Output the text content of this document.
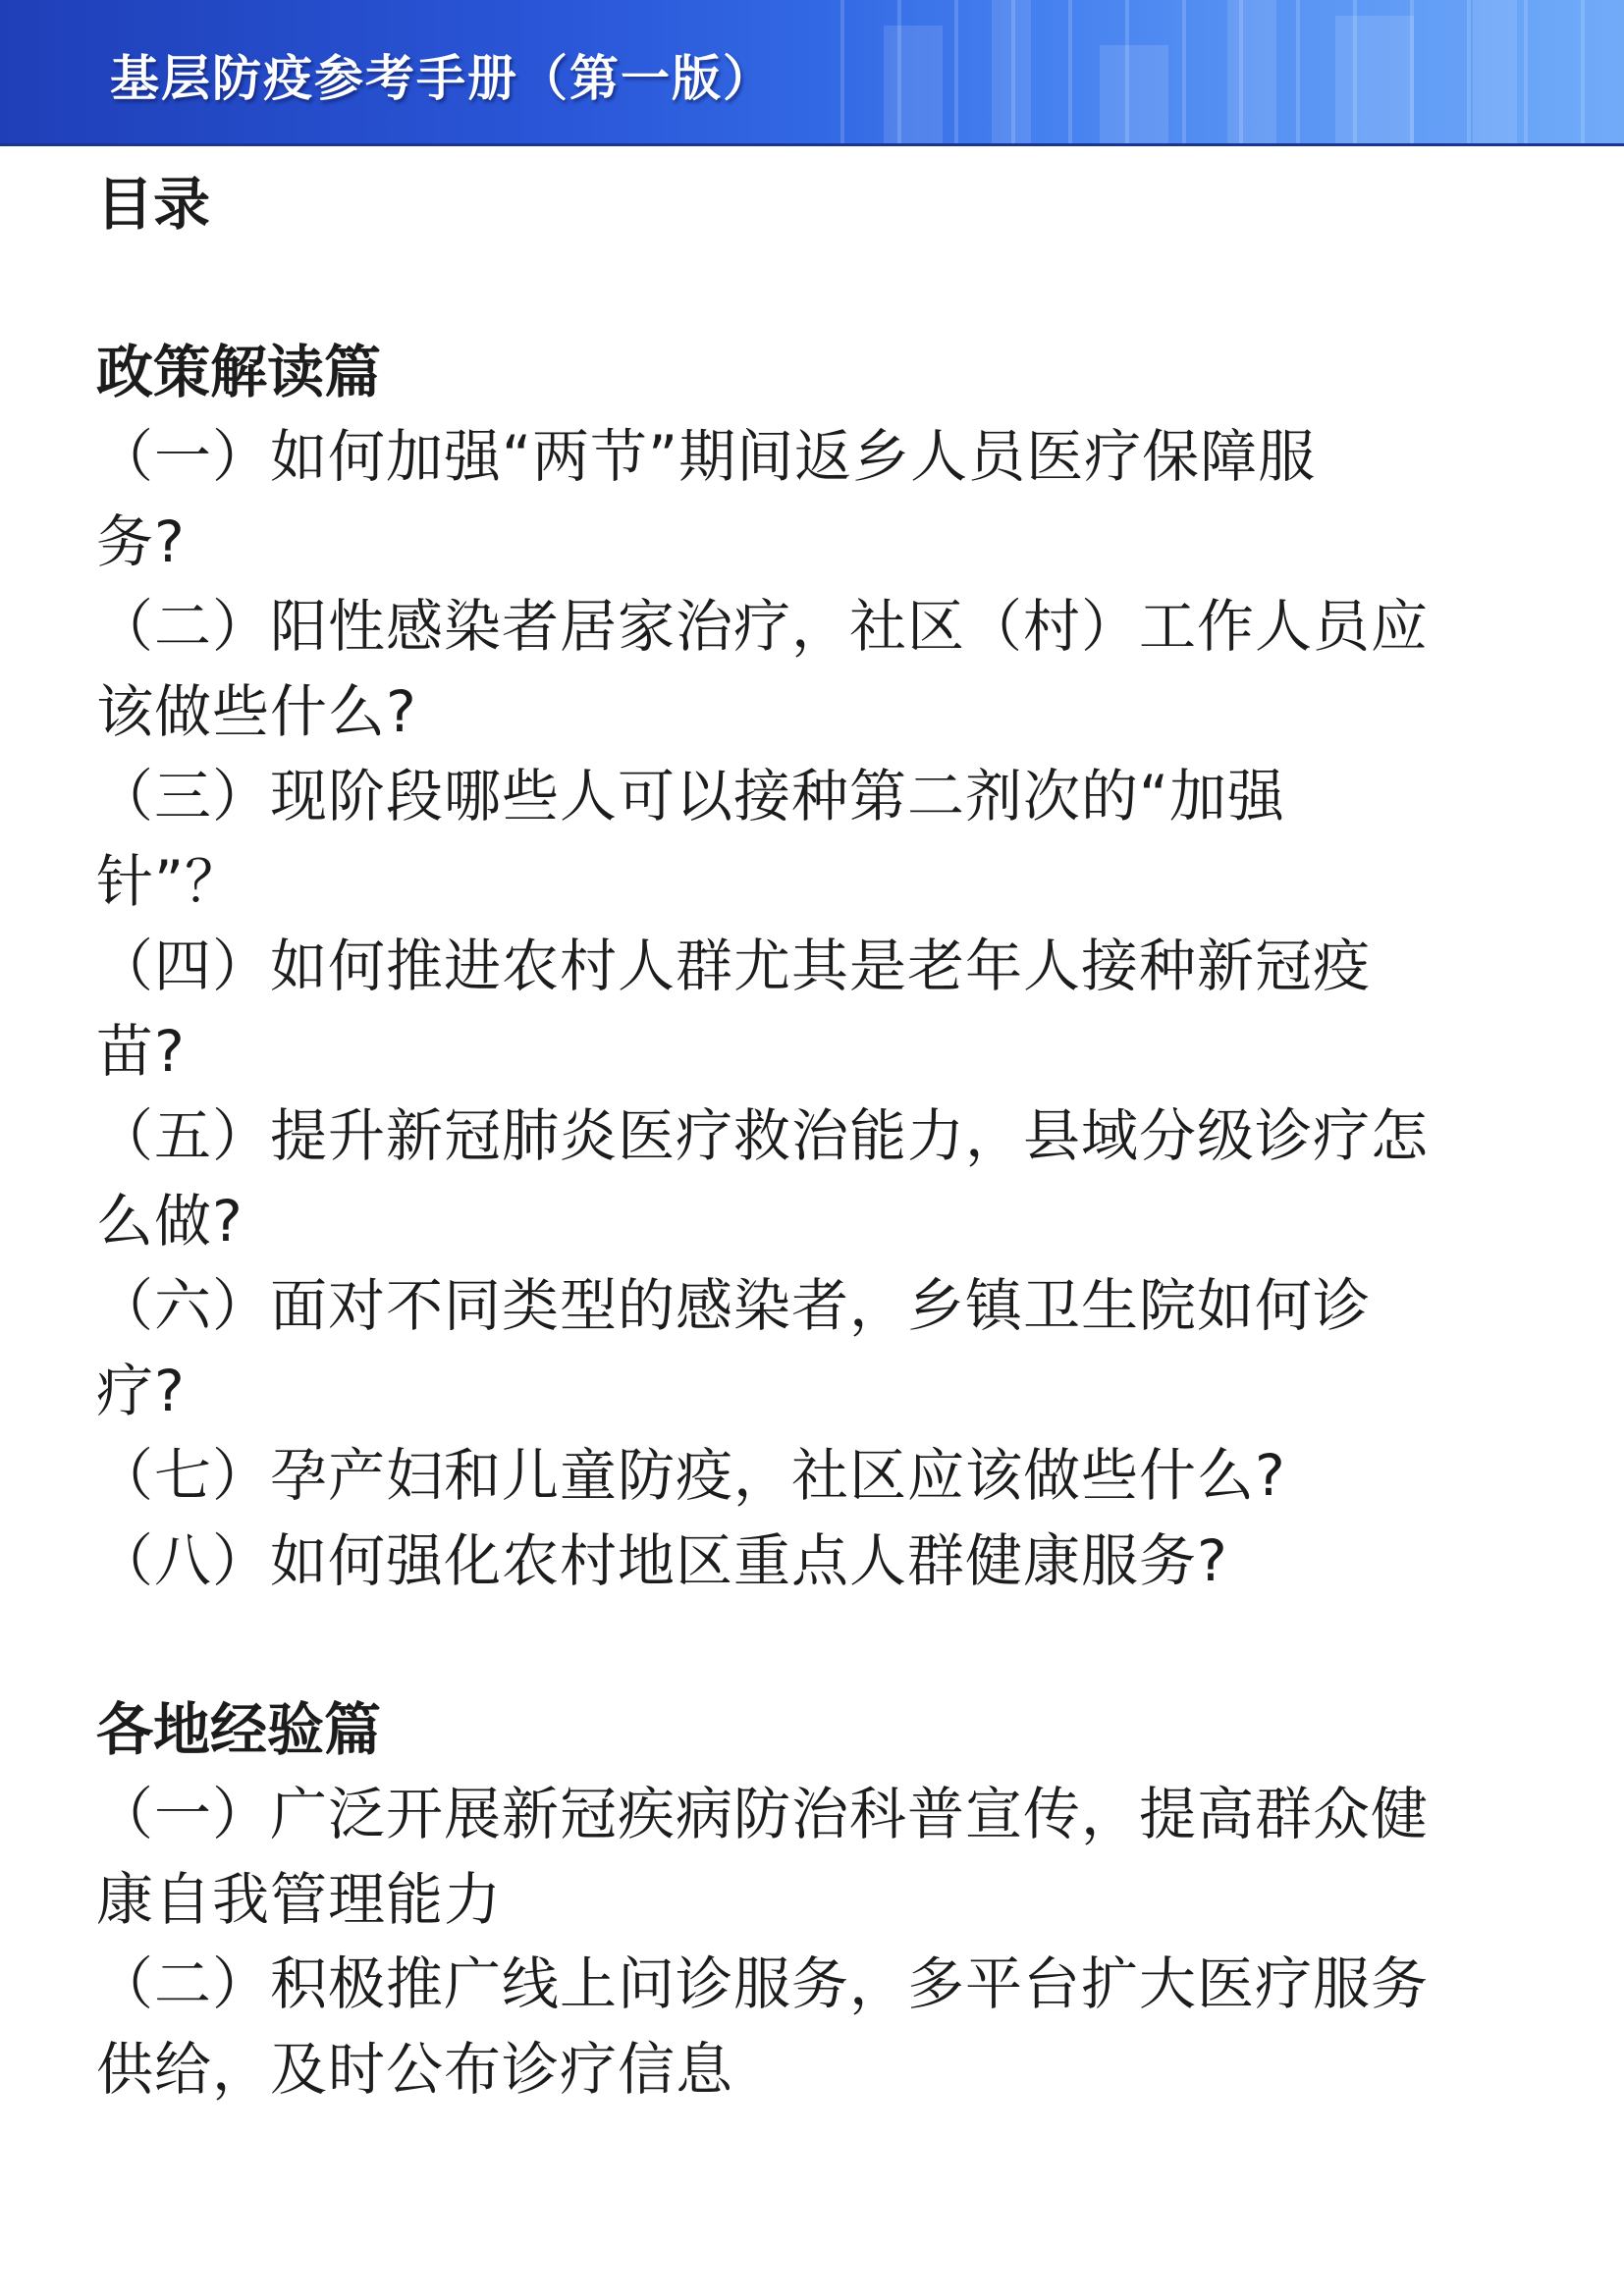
基层防疫参考手册（第一版）

目录

政策解读篇

（一）如何加强“两节”期间返乡人员医疗保障服
务?

（二）阳性感染者居家治疗，社区（村）工作人员应
该做些什么?

（三）现阶段哪些人可以接种第二剂次的“加强
针”？

（四）如何推进农村人群尤其是老年人接种新冠疫
苗?

（五）提升新冠肺炎医疗救治能力，县域分级诊疗怎
么做?

（六）面对不同类型的感染者，乡镇卫生院如何诊
疗?

（七）孕产妇和儿童防疫，社区应该做些什么?

（八）如何强化农村地区重点人群健康服务?

各地经验篇

（一）广泛开展新冠疾病防治科普宣传，提高群众健
康自我管理能力

（二）积极推广线上问诊服务，多平台扩大医疗服务
供给，及时公布诊疗信息
